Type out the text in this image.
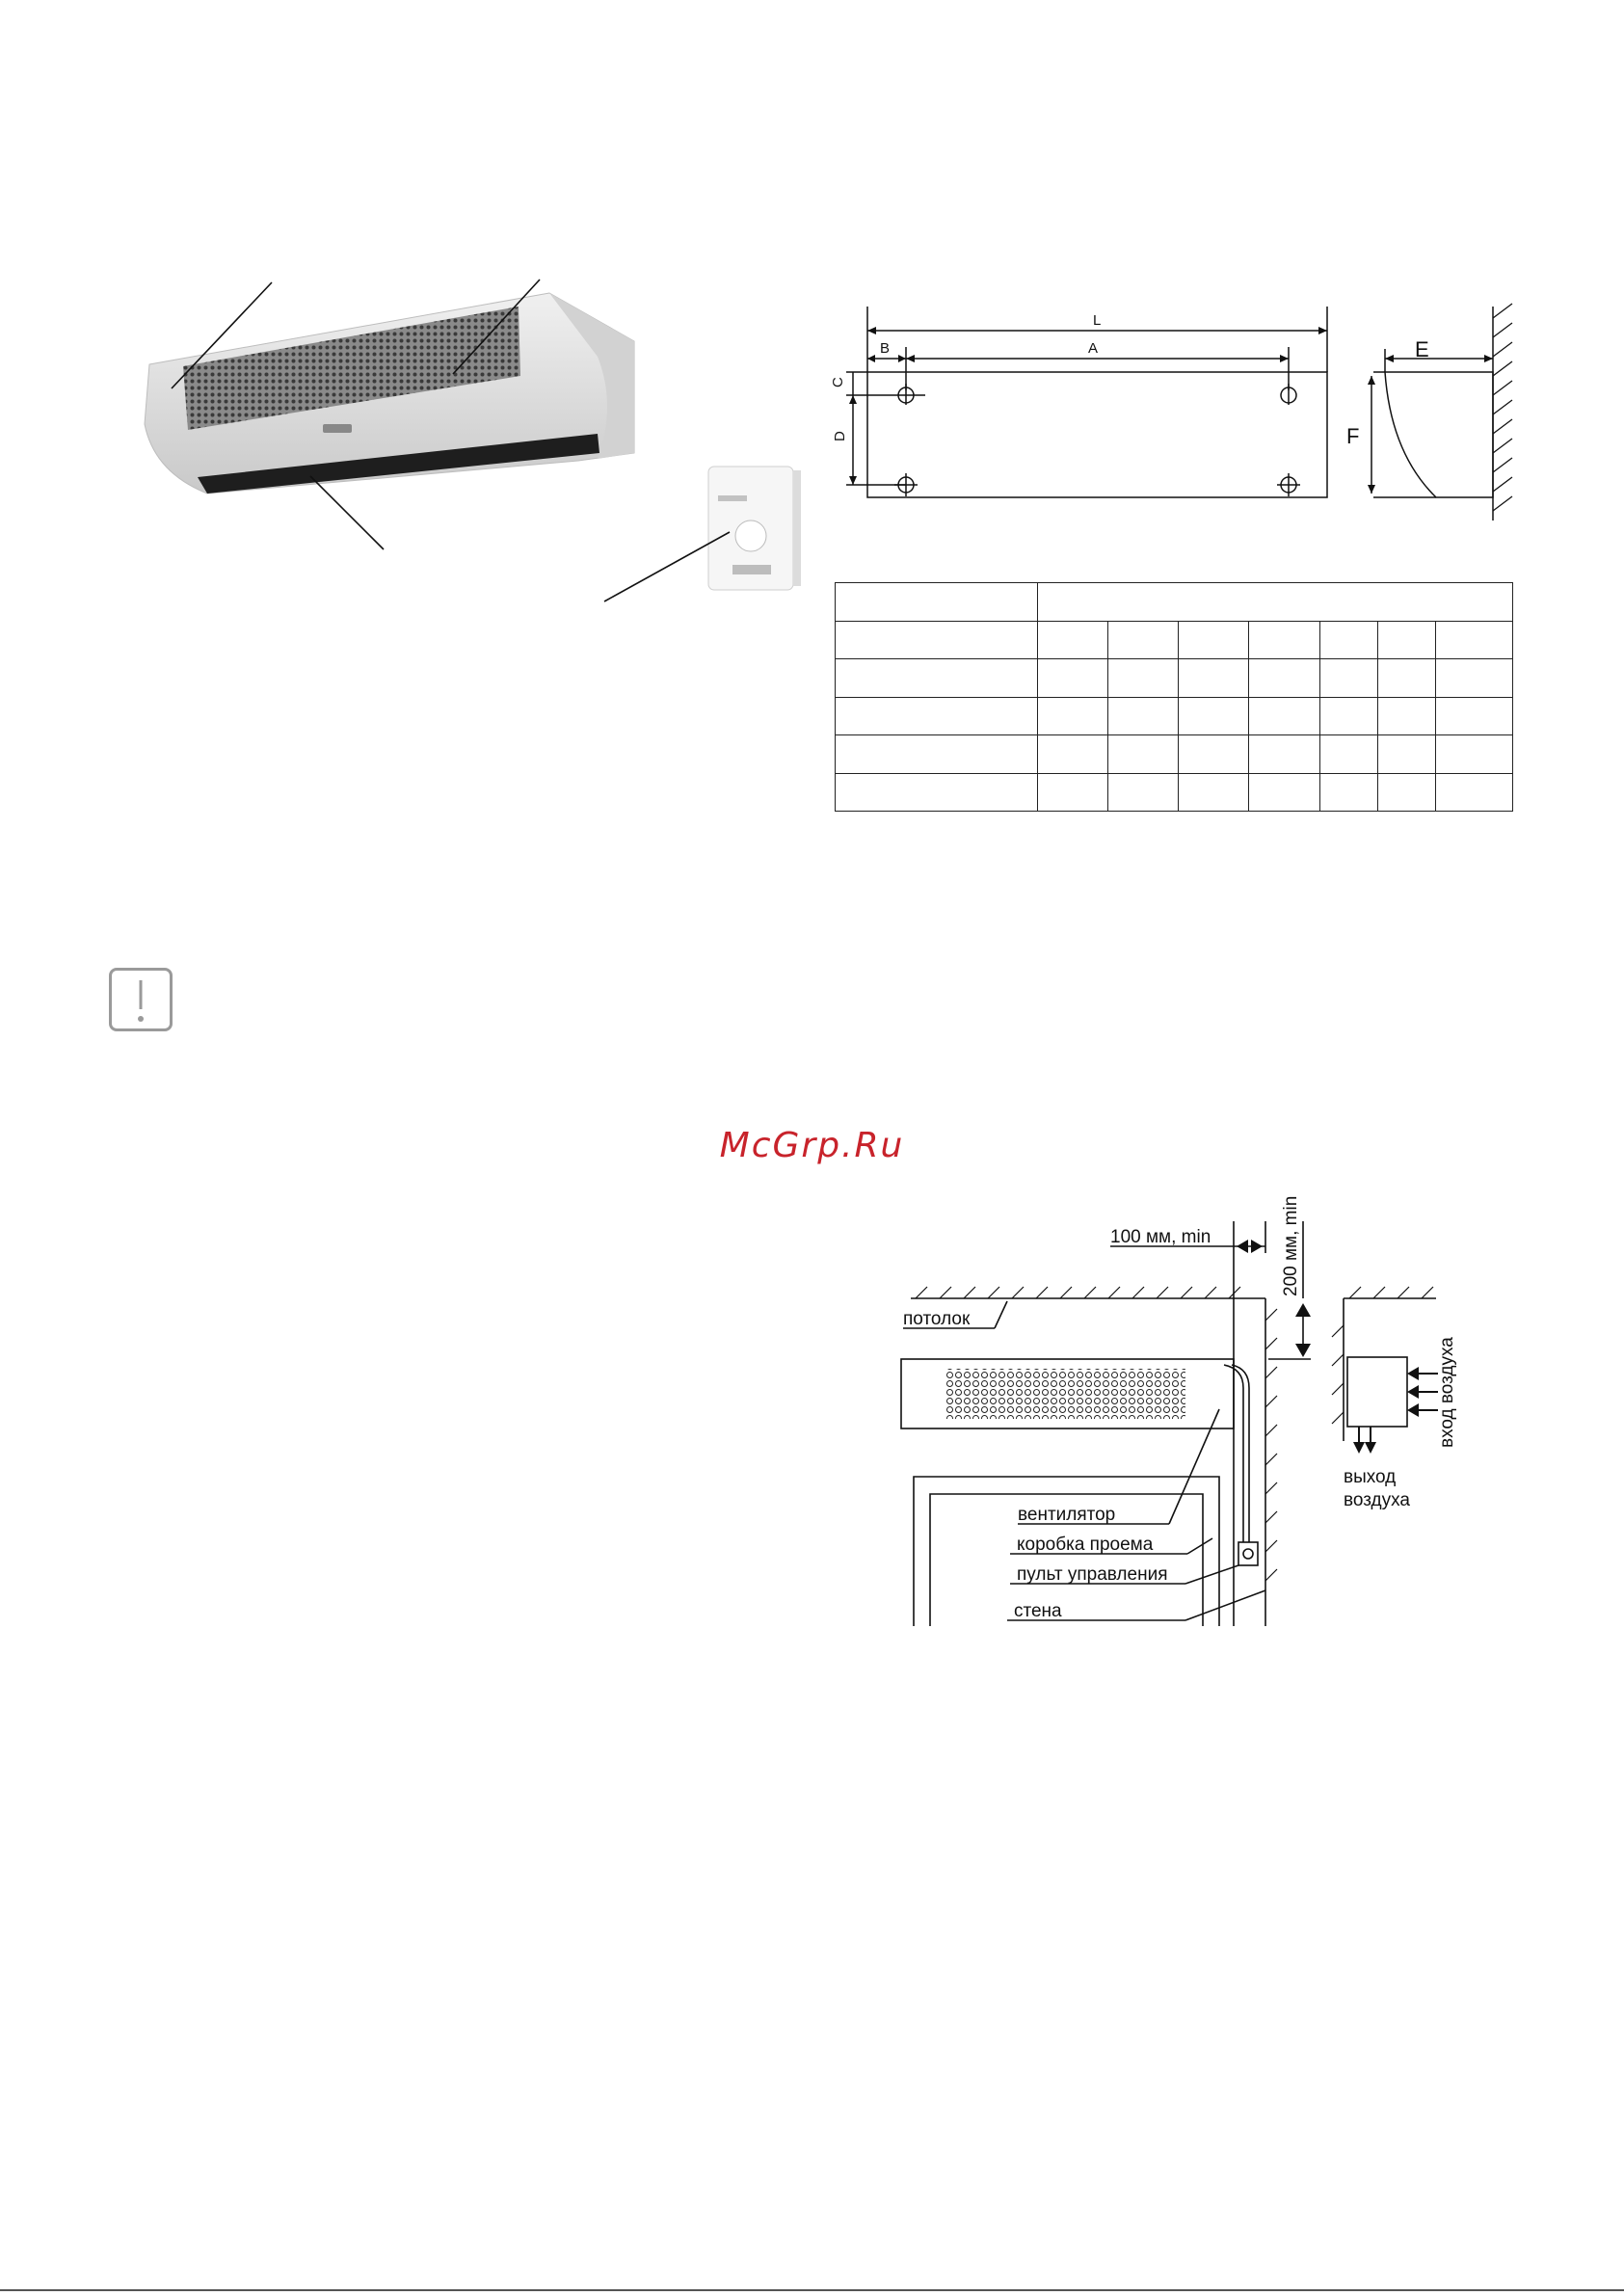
L
A
B
C
D
E
F

McGrp.Ru
100 мм, min	200 мм, min
потолок
вентилятор
коробка проема
пульт управления
стена
вход воздуха
выход
воздуха
